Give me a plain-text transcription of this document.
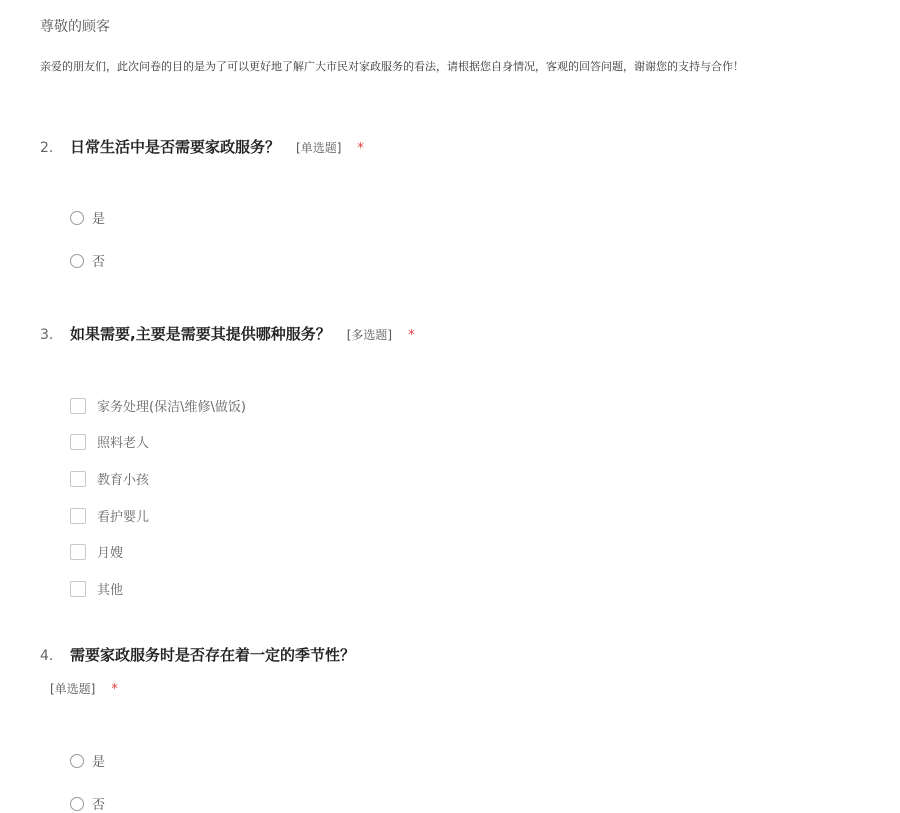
尊敬的顾客
亲爱的朋友们，此次问卷的目的是为了可以更好地了解广大市民对家政服务的看法，请根据您自身情况，客观的回答问题，谢谢您的支持与合作！
2.	日常生活中是否需要家政服务？ [单选题] *
是
否
3.	如果需要,主要是需要其提供哪种服务？ [多选题] *
家务处理(保洁\维修\做饭)
照料老人
教育小孩
看护婴儿
月嫂
其他
4.	需要家政服务时是否存在着一定的季节性？
[单选题] *
是
否
